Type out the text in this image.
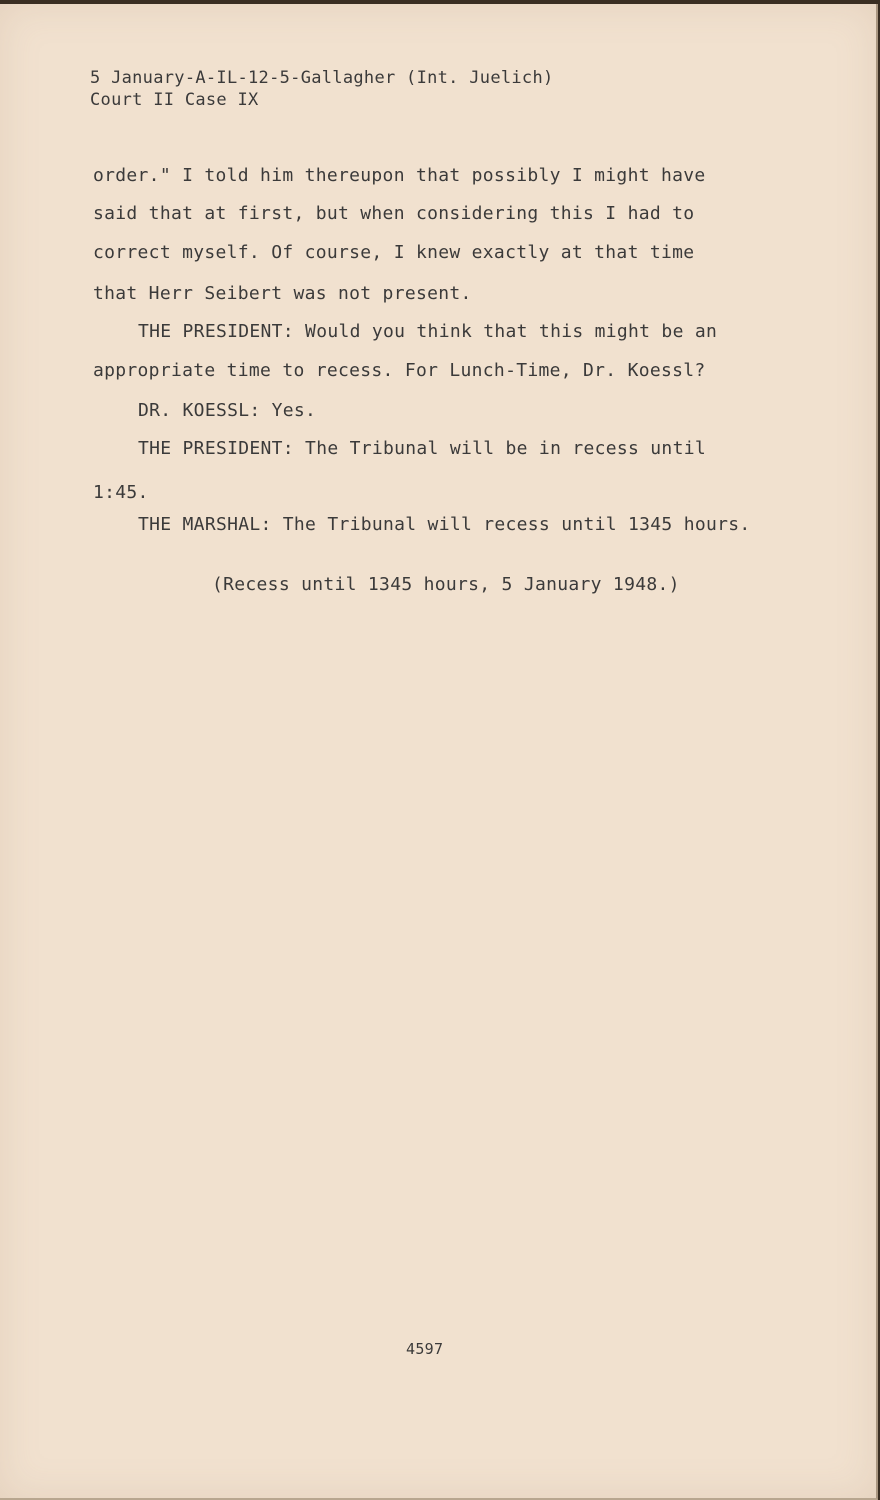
5 January-A-IL-12-5-Gallagher (Int. Juelich)
Court II Case IX
order." I told him thereupon that possibly I might have
said that at first, but when considering this I had to
correct myself. Of course, I knew exactly at that time
that Herr Seibert was not present.
THE PRESIDENT: Would you think that this might be an
appropriate time to recess. For Lunch-Time, Dr. Koessl?
DR. KOESSL: Yes.
THE PRESIDENT: The Tribunal will be in recess until
1:45.
THE MARSHAL: The Tribunal will recess until 1345 hours.
(Recess until 1345 hours, 5 January 1948.)
4597
